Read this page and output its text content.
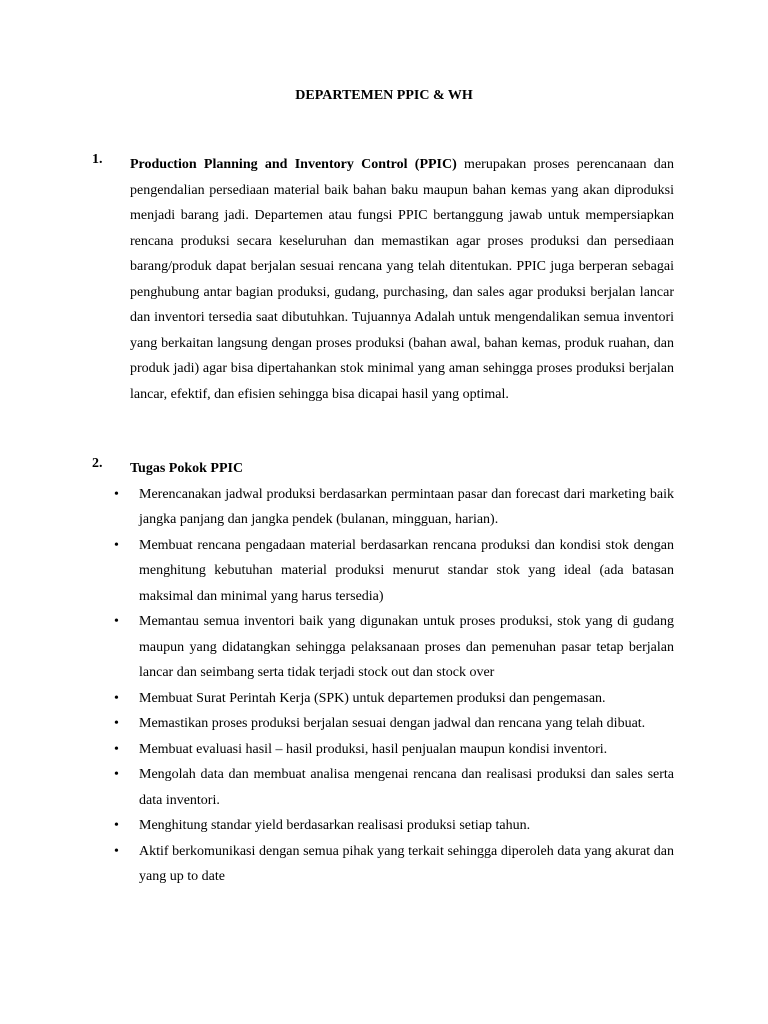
DEPARTEMEN PPIC & WH
1. Production Planning and Inventory Control (PPIC) merupakan proses perencanaan dan pengendalian persediaan material baik bahan baku maupun bahan kemas yang akan diproduksi menjadi barang jadi. Departemen atau fungsi PPIC bertanggung jawab untuk mempersiapkan rencana produksi secara keseluruhan dan memastikan agar proses produksi dan persediaan barang/produk dapat berjalan sesuai rencana yang telah ditentukan. PPIC juga berperan sebagai penghubung antar bagian produksi, gudang, purchasing, dan sales agar produksi berjalan lancar dan inventori tersedia saat dibutuhkan. Tujuannya Adalah untuk mengendalikan semua inventori yang berkaitan langsung dengan proses produksi (bahan awal, bahan kemas, produk ruahan, dan produk jadi) agar bisa dipertahankan stok minimal yang aman sehingga proses produksi berjalan lancar, efektif, dan efisien sehingga bisa dicapai hasil yang optimal.
2. Tugas Pokok PPIC
• Merencanakan jadwal produksi berdasarkan permintaan pasar dan forecast dari marketing baik jangka panjang dan jangka pendek (bulanan, mingguan, harian).
• Membuat rencana pengadaan material berdasarkan rencana produksi dan kondisi stok dengan menghitung kebutuhan material produksi menurut standar stok yang ideal (ada batasan maksimal dan minimal yang harus tersedia)
• Memantau semua inventori baik yang digunakan untuk proses produksi, stok yang di gudang maupun yang didatangkan sehingga pelaksanaan proses dan pemenuhan pasar tetap berjalan lancar dan seimbang serta tidak terjadi stock out dan stock over
• Membuat Surat Perintah Kerja (SPK) untuk departemen produksi dan pengemasan.
• Memastikan proses produksi berjalan sesuai dengan jadwal dan rencana yang telah dibuat.
• Membuat evaluasi hasil – hasil produksi, hasil penjualan maupun kondisi inventori.
• Mengolah data dan membuat analisa mengenai rencana dan realisasi produksi dan sales serta data inventori.
• Menghitung standar yield berdasarkan realisasi produksi setiap tahun.
• Aktif berkomunikasi dengan semua pihak yang terkait sehingga diperoleh data yang akurat dan yang up to date
